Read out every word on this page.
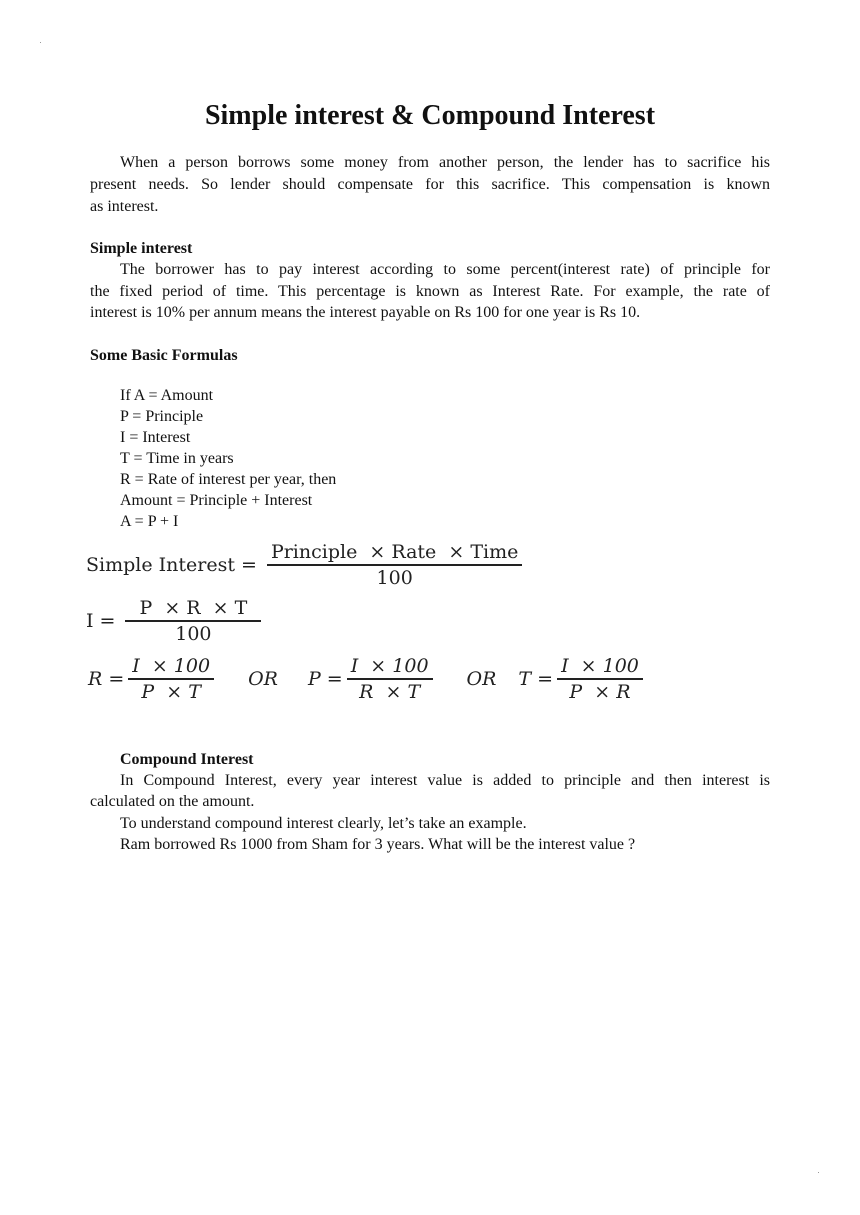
Simple interest & Compound Interest
When a person borrows some money from another person, the lender has to sacrifice his
present needs. So lender should compensate for this sacrifice. This compensation is known
as interest.
Simple interest
The borrower has to pay interest according to some percent(interest rate) of principle for
the fixed period of time. This percentage is known as Interest Rate. For example, the rate of
interest is 10% per annum means the interest payable on Rs 100 for one year is Rs 10.
Some Basic Formulas
If A = Amount
P = Principle
I = Interest
T = Time in years
R = Rate of interest per year, then
Amount = Principle + Interest
A = P + I
Simple Interest = $\frac{\text{Principle  × Rate  × Time}}{100}$
$I = \frac{P \times R \times T}{100}$
$R = \frac{I \times 100}{P \times T}$ OR $P = \frac{I \times 100}{R \times T}$ OR $T = \frac{I \times 100}{P \times R}$
Compound Interest
In Compound Interest, every year interest value is added to principle and then interest is
calculated on the amount.
To understand compound interest clearly, let’s take an example.
Ram borrowed Rs 1000 from Sham for 3 years. What will be the interest value ?
